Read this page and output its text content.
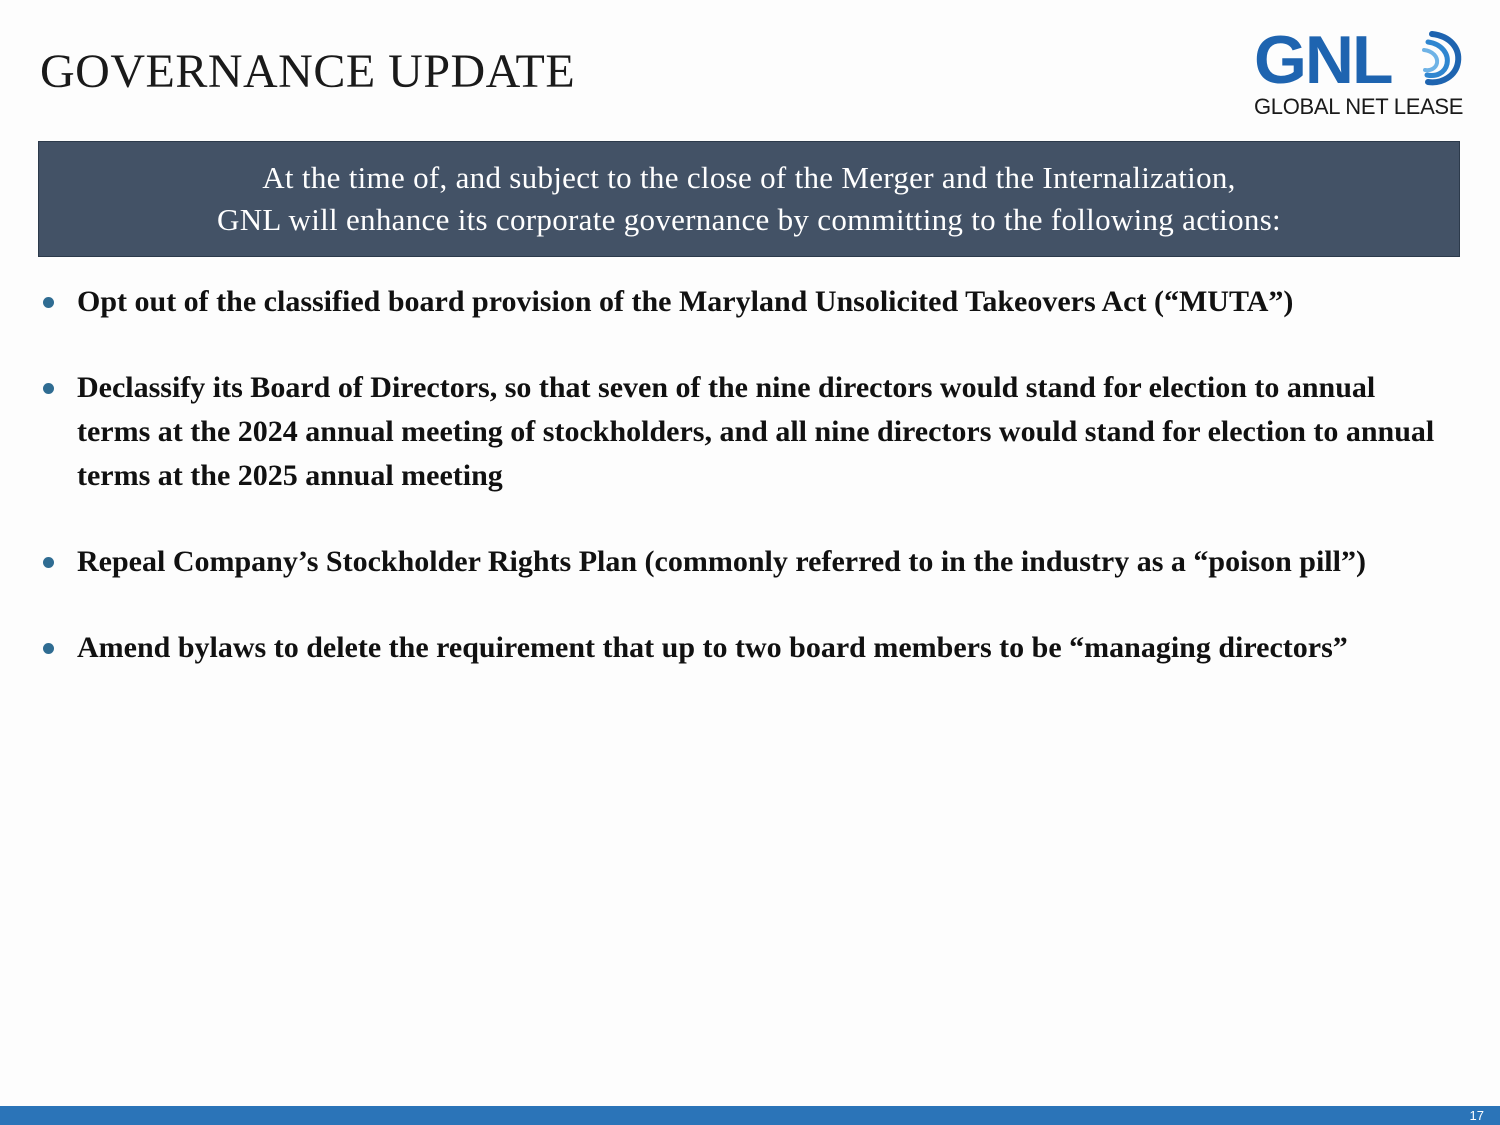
GOVERNANCE UPDATE	GNL
GLOBAL NET LEASE
At the time of, and subject to the close of the Merger and the Internalization,
GNL will enhance its corporate governance by committing to the following actions:
Opt out of the classified board provision of the Maryland Unsolicited Takeovers Act (“MUTA”)
Declassify its Board of Directors, so that seven of the nine directors would stand for election to annual terms at the 2024 annual meeting of stockholders, and all nine directors would stand for election to annual terms at the 2025 annual meeting
Repeal Company’s Stockholder Rights Plan (commonly referred to in the industry as a “poison pill”)
Amend bylaws to delete the requirement that up to two board members to be “managing directors”
17
